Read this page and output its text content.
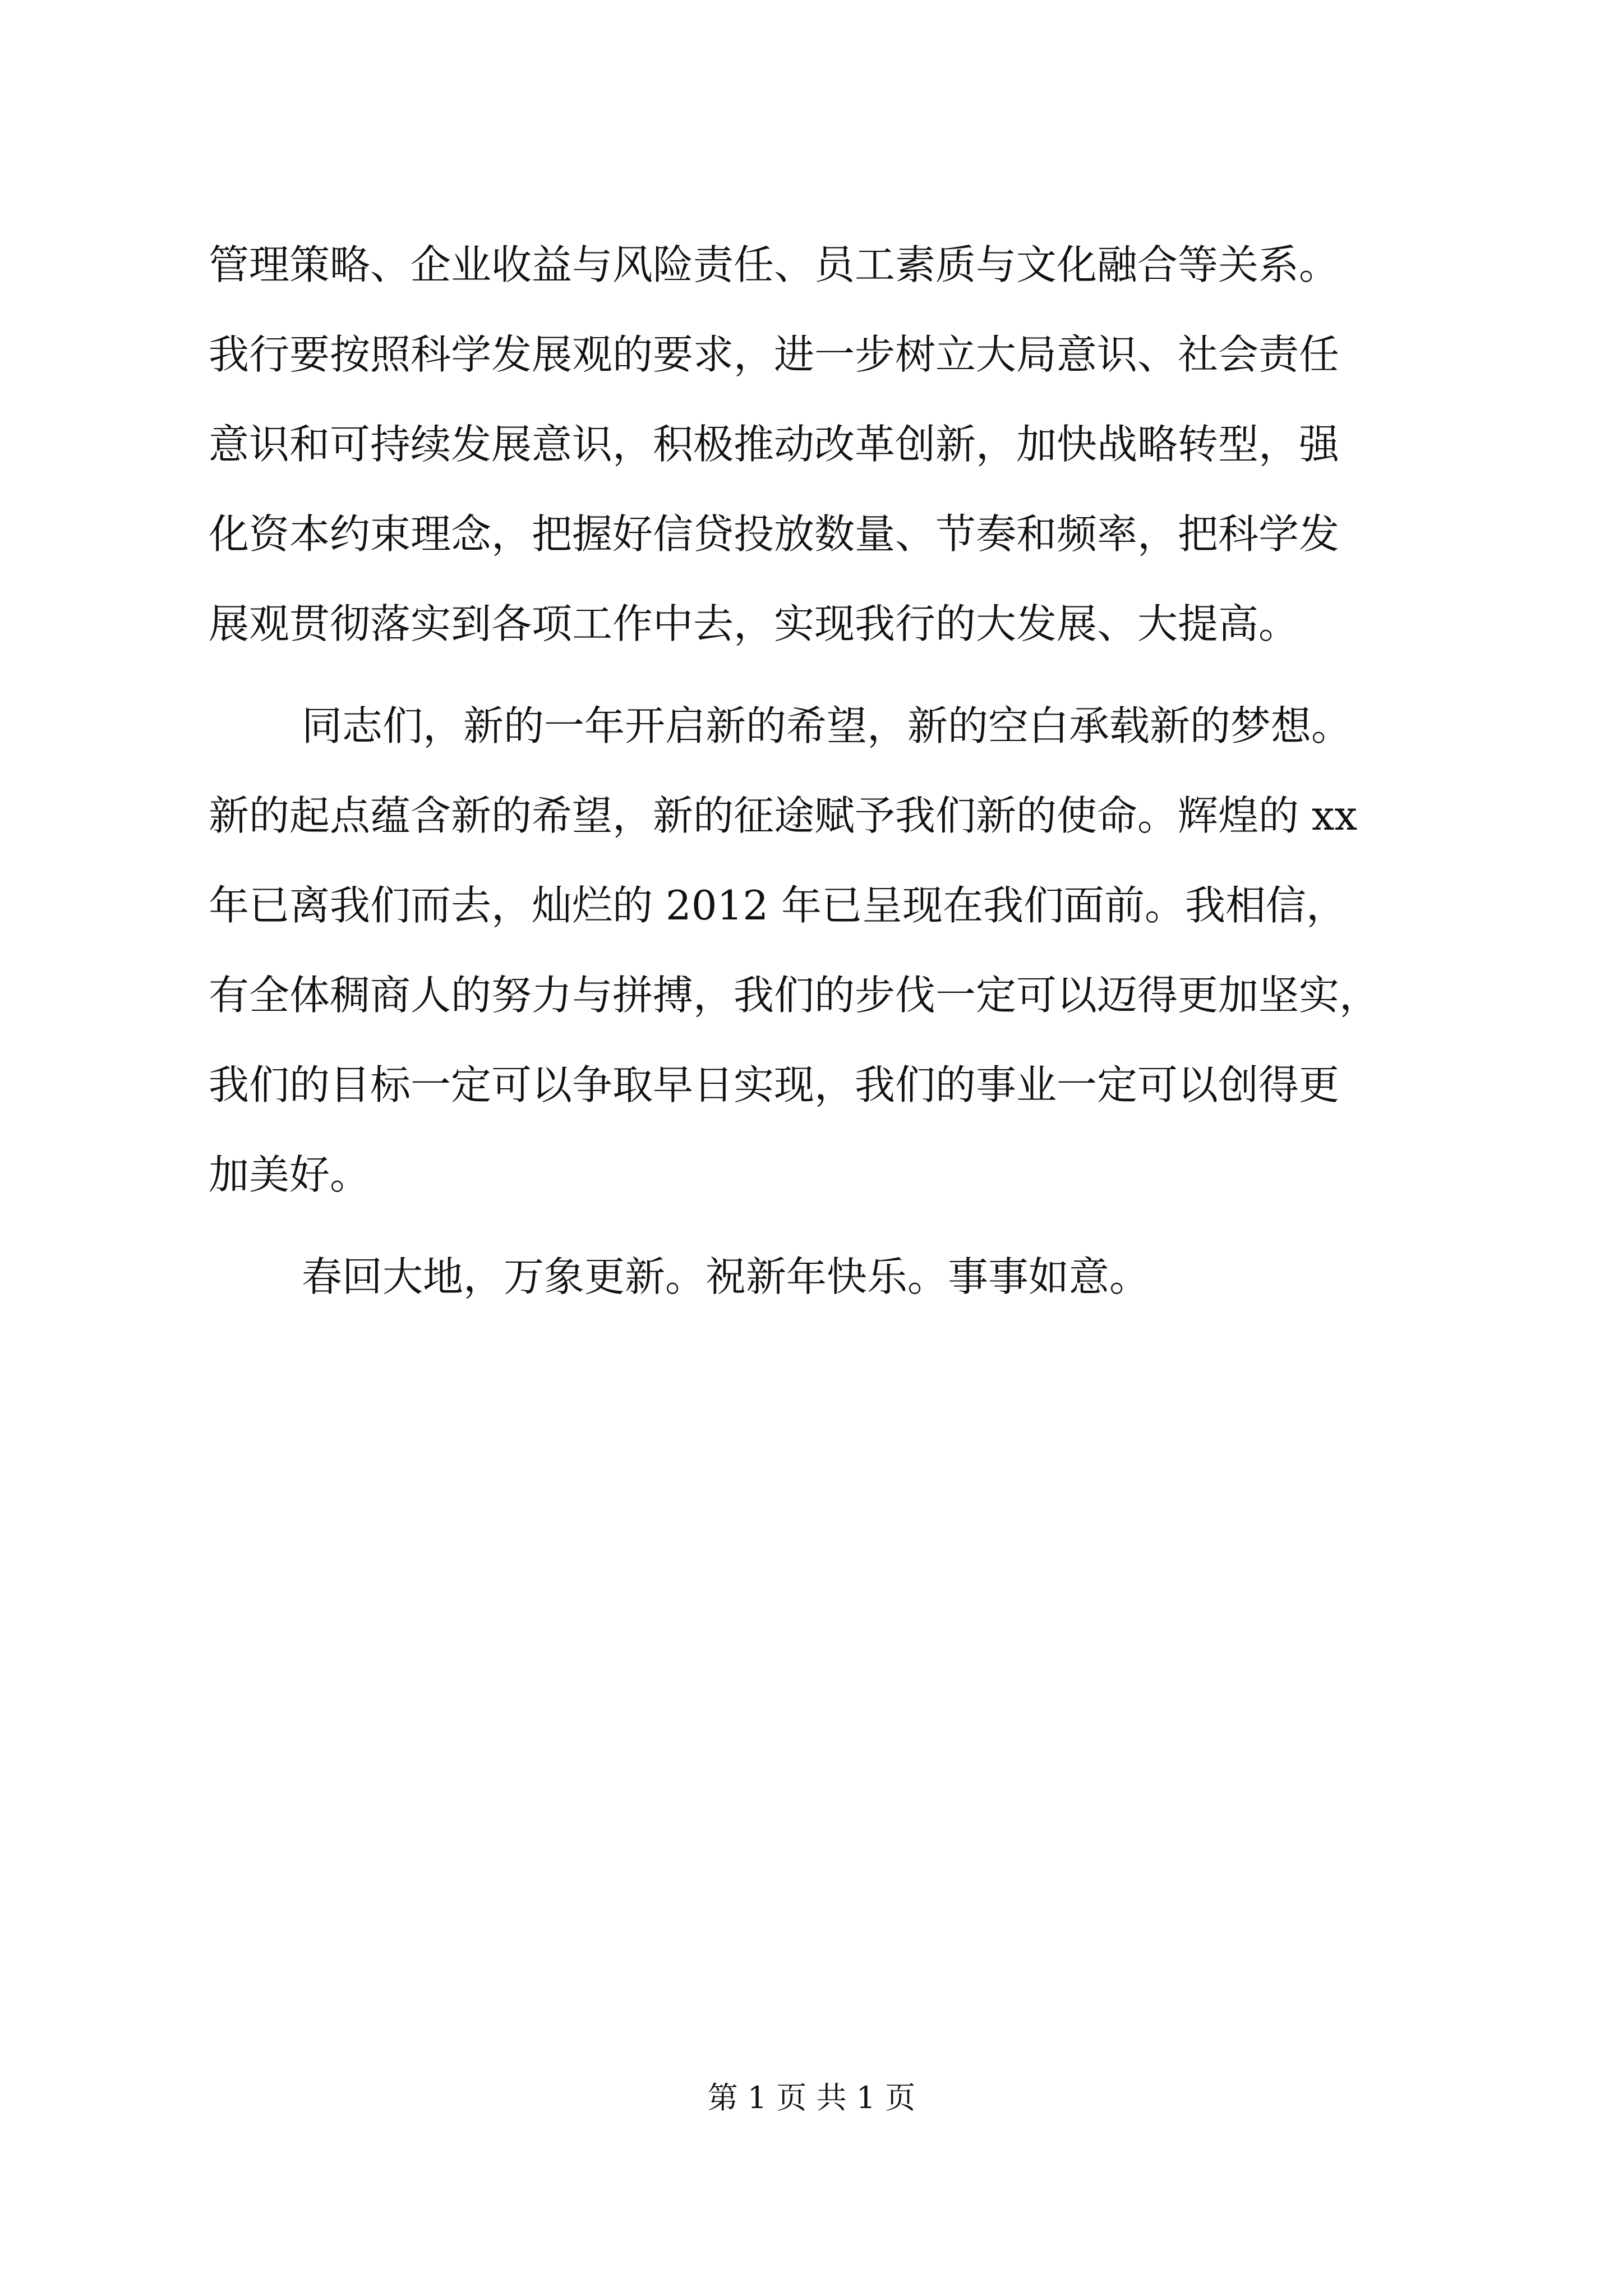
管理策略、企业收益与风险责任、员工素质与文化融合等关系。
我行要按照科学发展观的要求，进一步树立大局意识、社会责任
意识和可持续发展意识，积极推动改革创新，加快战略转型，强
化资本约束理念，把握好信贷投放数量、节奏和频率，把科学发
展观贯彻落实到各项工作中去，实现我行的大发展、大提高。
同志们，新的一年开启新的希望，新的空白承载新的梦想。
新的起点蕴含新的希望，新的征途赋予我们新的使命。辉煌的 xx
年已离我们而去，灿烂的 2012 年已呈现在我们面前。我相信，
有全体稠商人的努力与拼搏，我们的步伐一定可以迈得更加坚实，
我们的目标一定可以争取早日实现，我们的事业一定可以创得更
加美好。
春回大地，万象更新。祝新年快乐。事事如意。
第 1 页 共 1 页
